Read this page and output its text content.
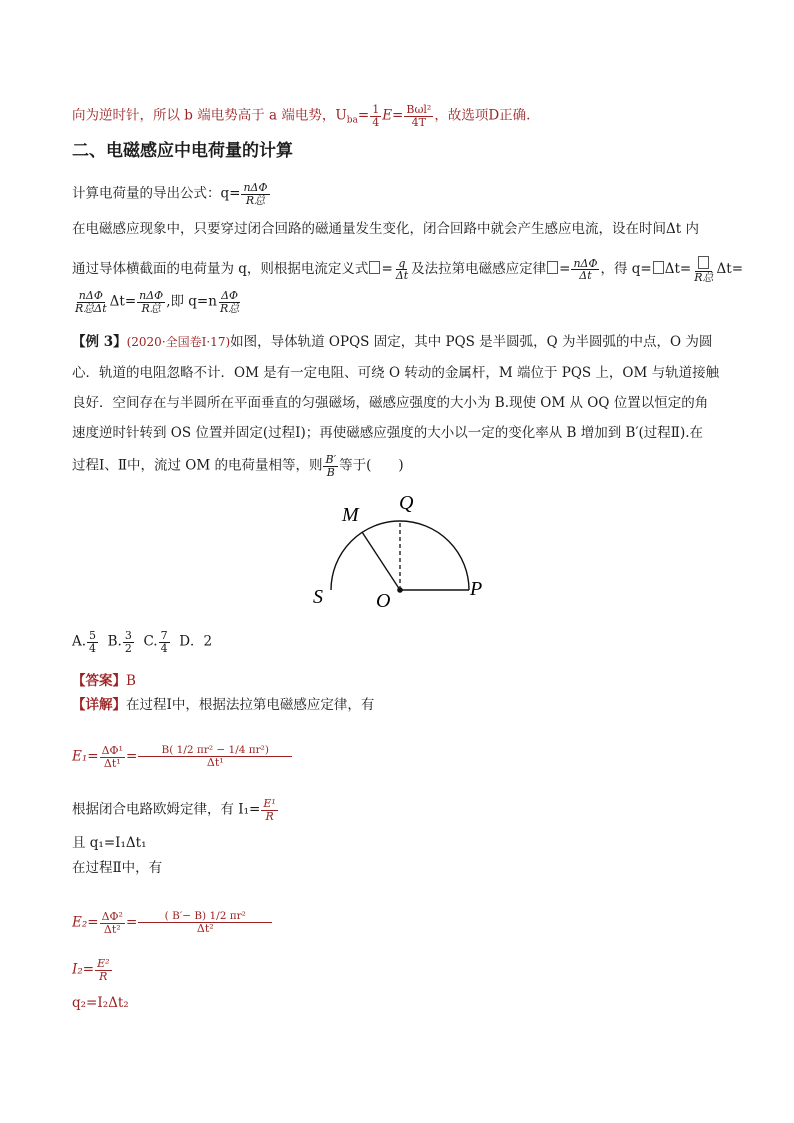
向为逆时针，所以 b 端电势高于 a 端电势，$U_{ba}= \frac{1}{4} E= \frac{\text{Bωl²}}{4T}$ ，故选项D正确.
二、电磁感应中电荷量的计算
计算电荷量的导出公式：$q= \frac{\text{nΔΦ}}{\text{R总}}$
在电磁感应现象中，只要穿过闭合回路的磁通量发生变化，闭合回路中就会产生感应电流，设在时间Δt 内
通过导体横截面的电荷量为 q，则根据电流定义式 = $\frac{q}{\Delta t}$ 及法拉第电磁感应定律 = $\frac{\text{nΔΦ}}{\Delta t}$ ，得 q= Δt= R总 Δt=
$\frac{\text{nΔΦ}}{\text{R总Δt}} \Delta t= \frac{\text{nΔΦ}}{\text{R总}}$ ,即 $q=n \frac{\Delta\Phi}{\text{R总}}$
【例 3】(2020·全国卷Ⅰ·17)如图，导体轨道 OPQS 固定，其中 PQS 是半圆弧，Q 为半圆弧的中点，O 为圆
心．轨道的电阻忽略不计．OM 是有一定电阻、可绕 O 转动的金属杆，M 端位于 PQS 上，OM 与轨道接触
良好．空间存在与半圆所在平面垂直的匀强磁场，磁感应强度的大小为 B.现使 OM 从 OQ 位置以恒定的角
速度逆时针转到 OS 位置并固定(过程Ⅰ)；再使磁感应强度的大小以一定的变化率从 B 增加到 B′(过程Ⅱ).在
过程Ⅰ、Ⅱ中，流过 OM 的电荷量相等，则 $\frac{B'}{B}$ 等于(　　)
M
Q
S	O
P
A. $\frac{5}{4} B$. $\frac{3}{2} C$. $\frac{7}{4}$ D．2
【答案】B
【详解】在过程Ⅰ中，根据法拉第电磁感应定律，有
$E_1= \frac{\text{ΔΦ¹}}{\text{Δt¹}} = \frac{\text{B( 1/2 πr² − 1/4 πr²)}}{\text{Δt¹}}$
根据闭合电路欧姆定律，有 $I_1= \frac{\text{E¹}}{R}$
且 q₁=I₁Δt₁
在过程Ⅱ中，有
$E_2= \frac{\text{ΔΦ²}}{\text{Δt²}} = \frac{\text{( B′− B) 1/2 πr²}}{\text{Δt²}}$
$I_2= \frac{\text{E²}}{R}$
q₂=I₂Δt₂
